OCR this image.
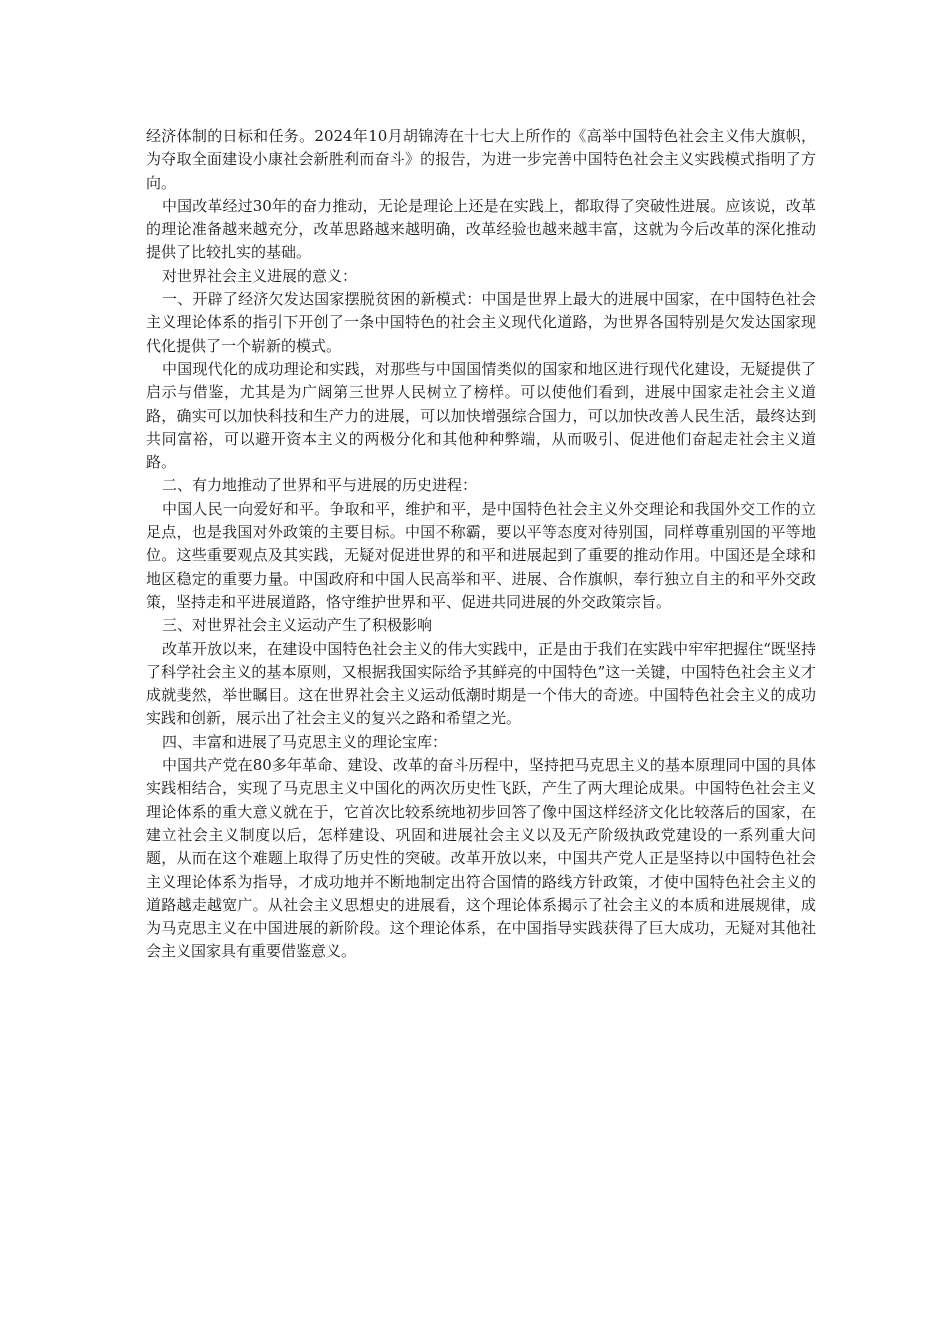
经济体制的日标和任务。2024年10月胡锦涛在十七大上所作的《高举中国特色社会主义伟大旗帜，为夺取全面建设小康社会新胜利而奋斗》的报告，为进一步完善中国特色社会主义实践模式指明了方向。

中国改革经过30年的奋力推动，无论是理论上还是在实践上，都取得了突破性进展。应该说，改革的理论准备越来越充分，改革思路越来越明确，改革经验也越来越丰富，这就为今后改革的深化推动提供了比较扎实的基础。

对世界社会主义进展的意义：

一、开辟了经济欠发达国家摆脱贫困的新模式：中国是世界上最大的进展中国家，在中国特色社会主义理论体系的指引下开创了一条中国特色的社会主义现代化道路，为世界各国特别是欠发达国家现代化提供了一个崭新的模式。

中国现代化的成功理论和实践，对那些与中国国情类似的国家和地区进行现代化建设，无疑提供了启示与借鉴，尤其是为广阔第三世界人民树立了榜样。可以使他们看到，进展中国家走社会主义道路，确实可以加快科技和生产力的进展，可以加快增强综合国力，可以加快改善人民生活，最终达到共同富裕，可以避开资本主义的两极分化和其他种种弊端，从而吸引、促进他们奋起走社会主义道路。

二、有力地推动了世界和平与进展的历史进程：

中国人民一向爱好和平。争取和平，维护和平，是中国特色社会主义外交理论和我国外交工作的立足点，也是我国对外政策的主要目标。中国不称霸，要以平等态度对待别国，同样尊重别国的平等地位。这些重要观点及其实践，无疑对促进世界的和平和进展起到了重要的推动作用。中国还是全球和地区稳定的重要力量。中国政府和中国人民高举和平、进展、合作旗帜，奉行独立自主的和平外交政策，坚持走和平进展道路，恪守维护世界和平、促进共同进展的外交政策宗旨。

三、对世界社会主义运动产生了积极影响

改革开放以来，在建设中国特色社会主义的伟大实践中，正是由于我们在实践中牢牢把握住“既坚持了科学社会主义的基本原则，又根据我国实际给予其鲜亮的中国特色”这一关键，中国特色社会主义才成就斐然，举世瞩目。这在世界社会主义运动低潮时期是一个伟大的奇迹。中国特色社会主义的成功实践和创新，展示出了社会主义的复兴之路和希望之光。

四、丰富和进展了马克思主义的理论宝库：

中国共产党在80多年革命、建设、改革的奋斗历程中，坚持把马克思主义的基本原理同中国的具体实践相结合，实现了马克思主义中国化的两次历史性飞跃，产生了两大理论成果。中国特色社会主义理论体系的重大意义就在于，它首次比较系统地初步回答了像中国这样经济文化比较落后的国家，在建立社会主义制度以后，怎样建设、巩固和进展社会主义以及无产阶级执政党建设的一系列重大问题，从而在这个难题上取得了历史性的突破。改革开放以来，中国共产党人正是坚持以中国特色社会主义理论体系为指导，才成功地并不断地制定出符合国情的路线方针政策，才使中国特色社会主义的道路越走越宽广。从社会主义思想史的进展看，这个理论体系揭示了社会主义的本质和进展规律，成为马克思主义在中国进展的新阶段。这个理论体系，在中国指导实践获得了巨大成功，无疑对其他社会主义国家具有重要借鉴意义。
